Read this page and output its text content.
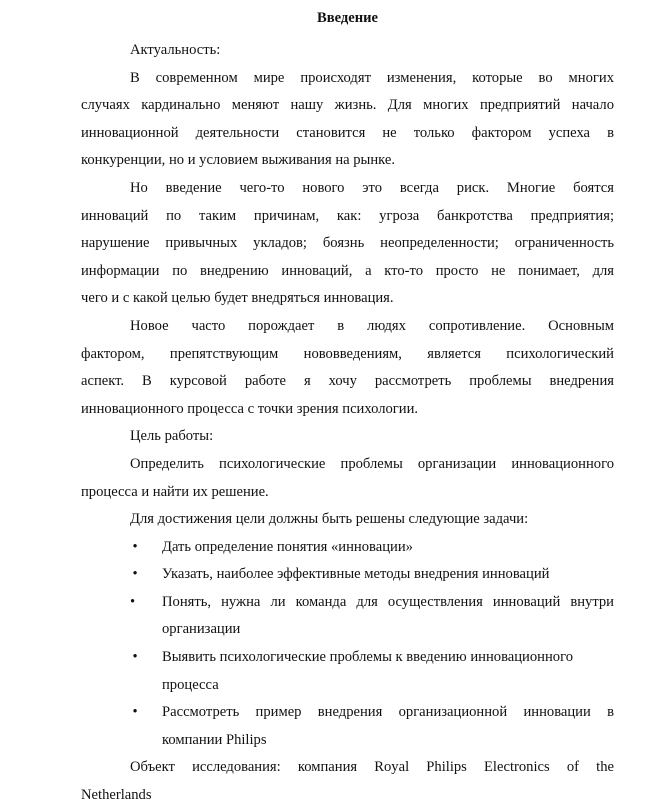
Введение
Актуальность:
В современном мире происходят изменения, которые во многих
случаях кардинально меняют нашу жизнь. Для многих предприятий начало
инновационной деятельности становится не только фактором успеха в
конкуренции, но и условием выживания на рынке.
Но введение чего-то нового это всегда риск. Многие боятся
инноваций по таким причинам, как: угроза банкротства предприятия;
нарушение привычных укладов; боязнь неопределенности; ограниченность
информации по внедрению инноваций, а кто-то просто не понимает, для
чего и с какой целью будет внедряться инновация.
Новое часто порождает в людях сопротивление. Основным
фактором, препятствующим нововведениям, является психологический
аспект. В курсовой работе я хочу рассмотреть проблемы внедрения
инновационного процесса с точки зрения психологии.
Цель работы:
Определить психологические проблемы организации инновационного
процесса и найти их решение.
Для достижения цели должны быть решены следующие задачи:
• Дать определение понятия «инновации»
• Указать, наиболее эффективные методы внедрения инноваций
•	Понять, нужна ли команда для осуществления инноваций внутри
организации
• Выявить психологические проблемы к введению инновационного
процесса
• Рассмотреть пример внедрения организационной инновации в
компании Philips
Объект исследования: компания Royal Philips Electronics of the
Netherlands
